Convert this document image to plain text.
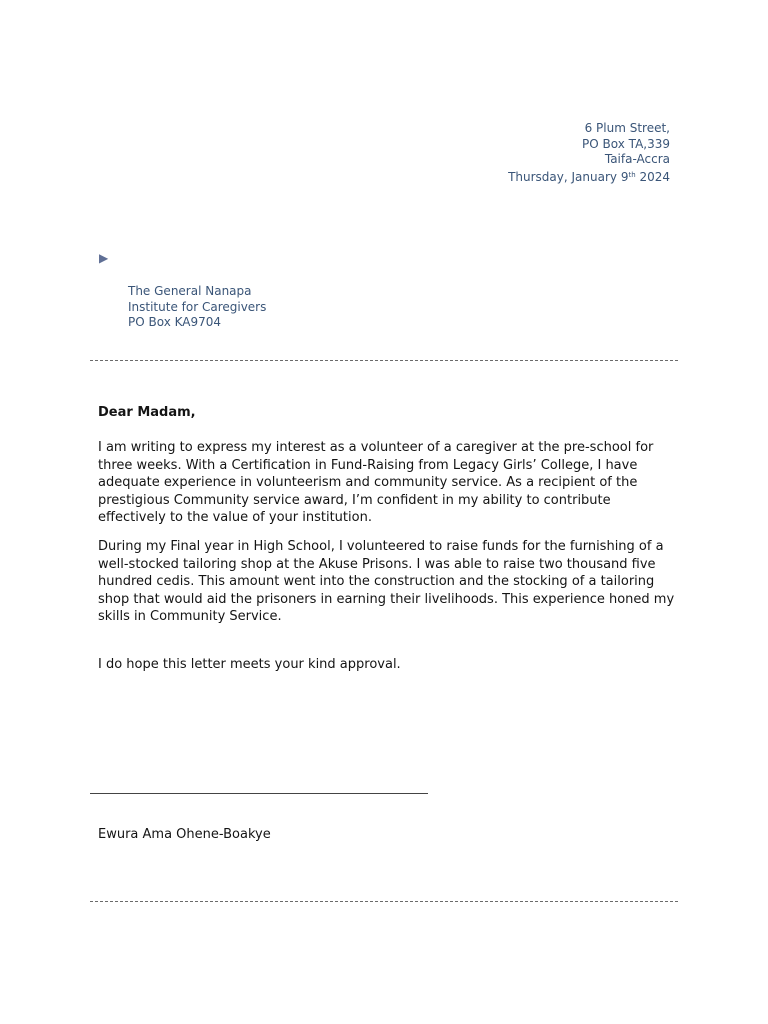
6 Plum Street,
PO Box TA,339
Taifa-Accra
Thursday, January 9th 2024
▶
The General Nanapa
Institute for Caregivers
PO Box KA9704
Dear Madam,
I am writing to express my interest as a volunteer of a caregiver at the pre-school for three weeks. With a Certification in Fund-Raising from Legacy Girls’ College, I have adequate experience in volunteerism and community service. As a recipient of the prestigious Community service award, I’m confident in my ability to contribute effectively to the value of your institution.
During my Final year in High School, I volunteered to raise funds for the furnishing of a well-stocked tailoring shop at the Akuse Prisons. I was able to raise two thousand five hundred cedis. This amount went into the construction and the stocking of a tailoring shop that would aid the prisoners in earning their livelihoods. This experience honed my skills in Community Service.
I do hope this letter meets your kind approval.
Ewura Ama Ohene-Boakye
